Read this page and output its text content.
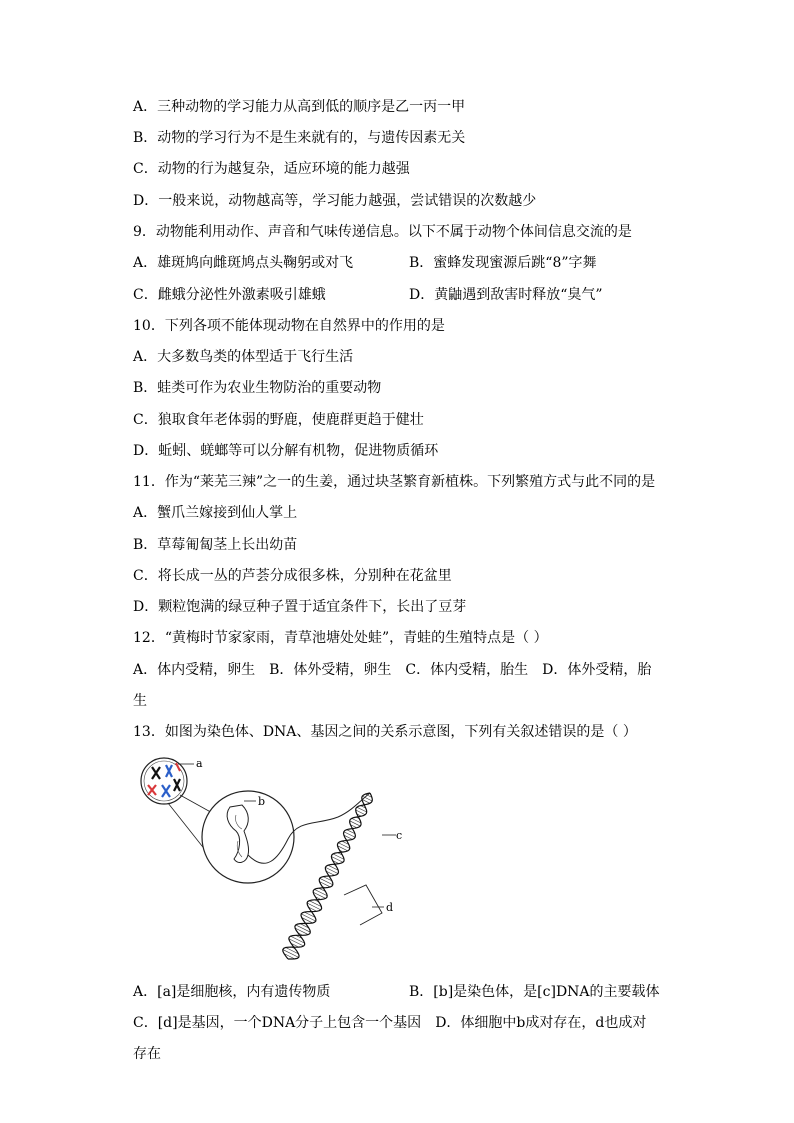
A．三种动物的学习能力从高到低的顺序是乙一丙一甲
B．动物的学习行为不是生来就有的，与遗传因素无关
C．动物的行为越复杂，适应环境的能力越强
D．一般来说，动物越高等，学习能力越强，尝试错误的次数越少
9．动物能利用动作、声音和气味传递信息。以下不属于动物个体间信息交流的是
A．雄斑鸠向雌斑鸠点头鞠躬或对飞	B．蜜蜂发现蜜源后跳“8”字舞
C．雌蛾分泌性外激素吸引雄蛾	D．黄鼬遇到敌害时释放“臭气”
10．下列各项不能体现动物在自然界中的作用的是
A．大多数鸟类的体型适于飞行生活
B．蛙类可作为农业生物防治的重要动物
C．狼取食年老体弱的野鹿，使鹿群更趋于健壮
D．蚯蚓、蜣螂等可以分解有机物，促进物质循环
11．作为“莱芜三辣”之一的生姜，通过块茎繁育新植株。下列繁殖方式与此不同的是
A．蟹爪兰嫁接到仙人掌上
B．草莓匍匐茎上长出幼苗
C．将长成一丛的芦荟分成很多株，分别种在花盆里
D．颗粒饱满的绿豆种子置于适宜条件下，长出了豆芽
12．“黄梅时节家家雨，青草池塘处处蛙”，青蛙的生殖特点是（ ）
A．体内受精，卵生 B．体外受精，卵生 C．体内受精，胎生 D．体外受精，胎
生
13．如图为染色体、DNA、基因之间的关系示意图，下列有关叙述错误的是（ ）
a
b
c
d
A．[a]是细胞核，内有遗传物质	B．[b]是染色体，是[c]DNA的主要载体
C．[d]是基因，一个DNA分子上包含一个基因 D．体细胞中b成对存在，d也成对
存在
